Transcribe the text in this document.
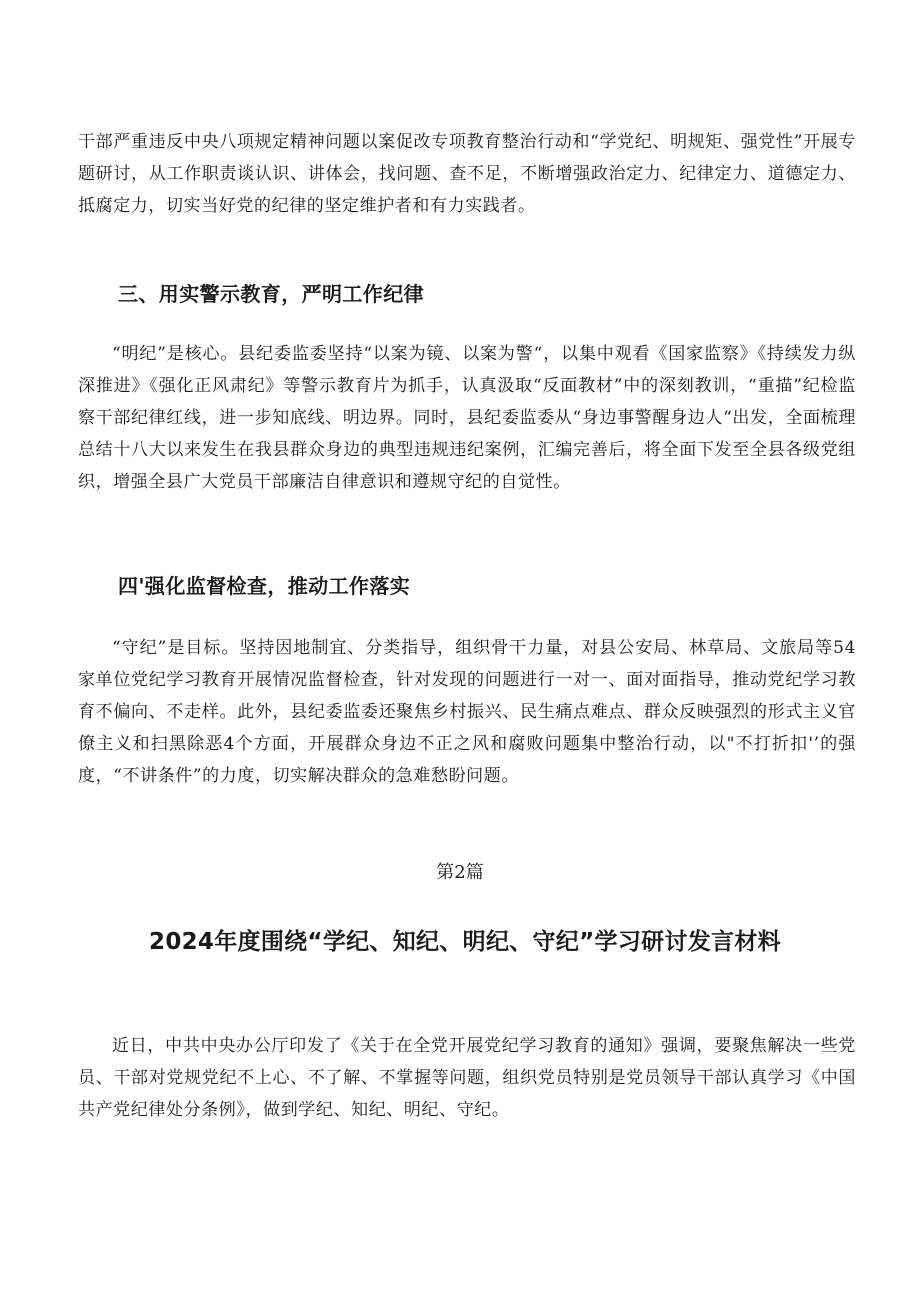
干部严重违反中央八项规定精神问题以案促改专项教育整治行动和“学党纪、明规矩、强党性”开展专题研讨，从工作职责谈认识、讲体会，找问题、查不足，不断增强政治定力、纪律定力、道德定力、抵腐定力，切实当好党的纪律的坚定维护者和有力实践者。

三、用实警示教育，严明工作纪律

“明纪”是核心。县纪委监委坚持“以案为镜、以案为警“，以集中观看《国家监察》《持续发力纵深推进》《强化正风肃纪》等警示教育片为抓手，认真汲取“反面教材”中的深刻教训，“重描”纪检监察干部纪律红线，进一步知底线、明边界。同时，县纪委监委从“身边事警醒身边人“出发，全面梳理总结十八大以来发生在我县群众身边的典型违规违纪案例，汇编完善后，将全面下发至全县各级党组织，增强全县广大党员干部廉洁自律意识和遵规守纪的自觉性。

四'强化监督检查，推动工作落实

“守纪”是目标。坚持因地制宜、分类指导，组织骨干力量，对县公安局、林草局、文旅局等54家单位党纪学习教育开展情况监督检查，针对发现的问题进行一对一、面对面指导，推动党纪学习教育不偏向、不走样。此外，县纪委监委还聚焦乡村振兴、民生痛点难点、群众反映强烈的形式主义官僚主义和扫黑除恶4个方面，开展群众身边不正之风和腐败问题集中整治行动，以"不打折扣'’的强度，“不讲条件”的力度，切实解决群众的急难愁盼问题。

第2篇

2024年度围绕“学纪、知纪、明纪、守纪”学习研讨发言材料

近日，中共中央办公厅印发了《关于在全党开展党纪学习教育的通知》强调，要聚焦解决一些党员、干部对党规党纪不上心、不了解、不掌握等问题，组织党员特别是党员领导干部认真学习《中国共产党纪律处分条例》，做到学纪、知纪、明纪、守纪。
